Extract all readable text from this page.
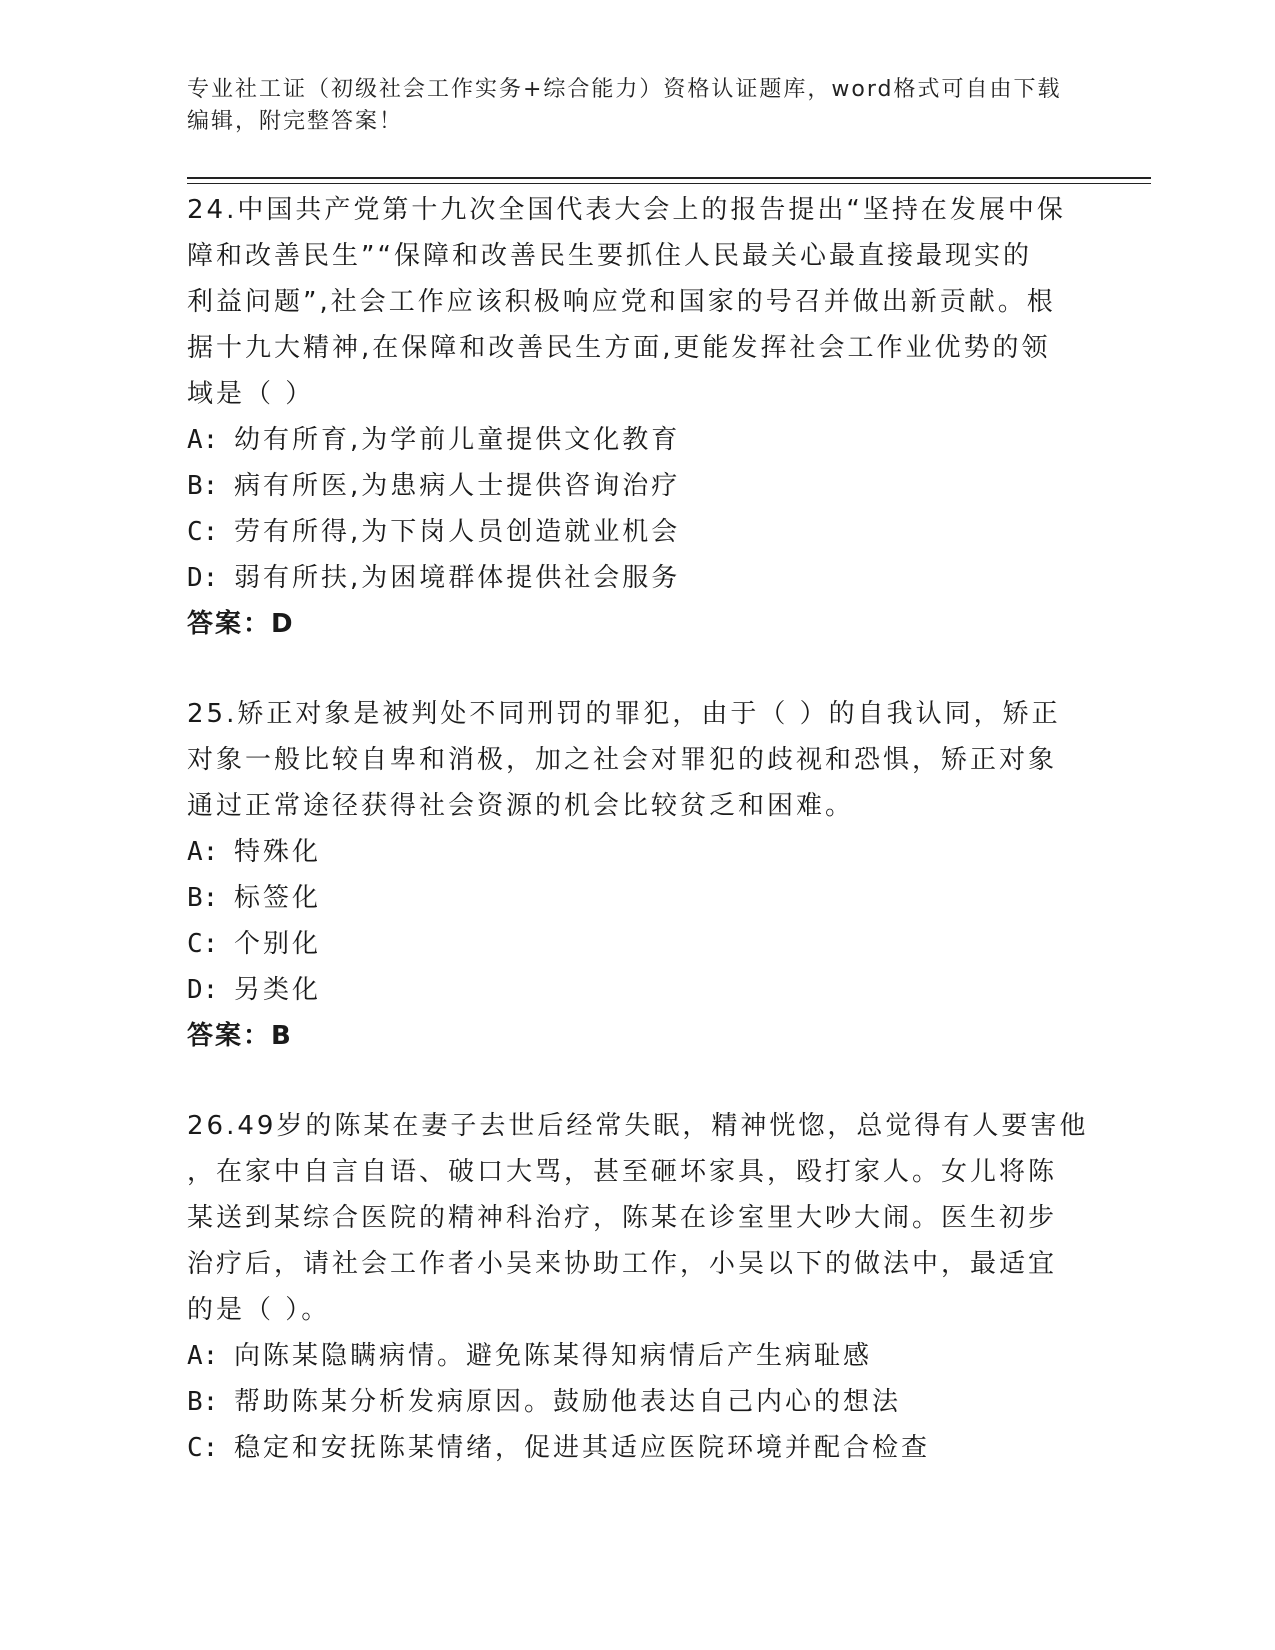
专业社工证（初级社会工作实务+综合能力）资格认证题库，word格式可自由下载
编辑，附完整答案！
24.中国共产党第十九次全国代表大会上的报告提出“坚持在发展中保
障和改善民生”“保障和改善民生要抓住人民最关心最直接最现实的
利益问题”,社会工作应该积极响应党和国家的号召并做出新贡献。根
据十九大精神,在保障和改善民生方面,更能发挥社会工作业优势的领
域是（ ）
A: 幼有所育,为学前儿童提供文化教育
B: 病有所医,为患病人士提供咨询治疗
C: 劳有所得,为下岗人员创造就业机会
D: 弱有所扶,为困境群体提供社会服务
答案：D
25.矫正对象是被判处不同刑罚的罪犯，由于（ ）的自我认同，矫正
对象一般比较自卑和消极，加之社会对罪犯的歧视和恐惧，矫正对象
通过正常途径获得社会资源的机会比较贫乏和困难。
A: 特殊化
B: 标签化
C: 个别化
D: 另类化
答案：B
26.49岁的陈某在妻子去世后经常失眠，精神恍惚，总觉得有人要害他
，在家中自言自语、破口大骂，甚至砸坏家具，殴打家人。女儿将陈
某送到某综合医院的精神科治疗，陈某在诊室里大吵大闹。医生初步
治疗后，请社会工作者小吴来协助工作，小吴以下的做法中，最适宜
的是（ ）。
A: 向陈某隐瞒病情。避免陈某得知病情后产生病耻感
B: 帮助陈某分析发病原因。鼓励他表达自己内心的想法
C: 稳定和安抚陈某情绪，促进其适应医院环境并配合检查
